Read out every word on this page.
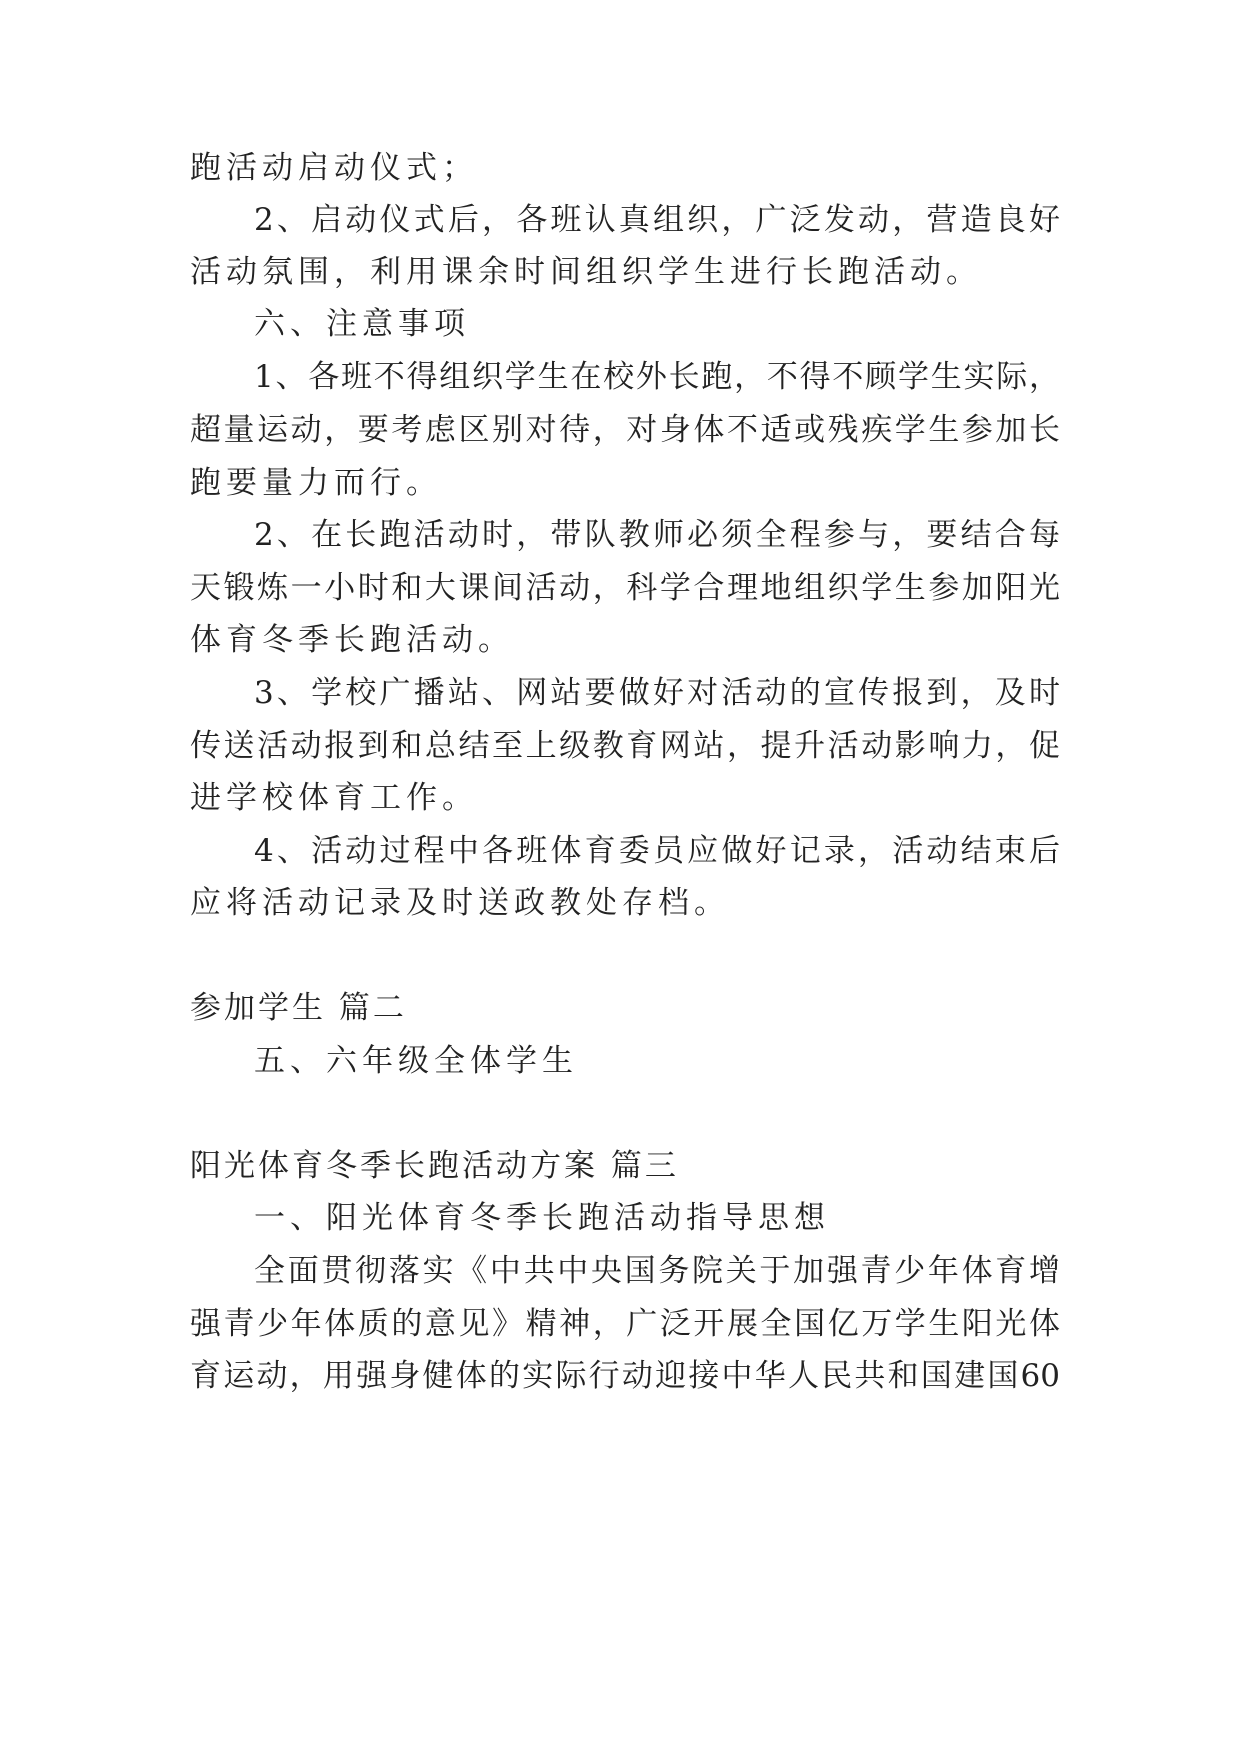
跑活动启动仪式；
2、启动仪式后，各班认真组织，广泛发动，营造良好
活动氛围，利用课余时间组织学生进行长跑活动。
六、注意事项
1、各班不得组织学生在校外长跑，不得不顾学生实际，
超量运动，要考虑区别对待，对身体不适或残疾学生参加长
跑要量力而行。
2、在长跑活动时，带队教师必须全程参与，要结合每
天锻炼一小时和大课间活动，科学合理地组织学生参加阳光
体育冬季长跑活动。
3、学校广播站、网站要做好对活动的宣传报到，及时
传送活动报到和总结至上级教育网站，提升活动影响力，促
进学校体育工作。
4、活动过程中各班体育委员应做好记录，活动结束后
应将活动记录及时送政教处存档。
参加学生 篇二
五、六年级全体学生
阳光体育冬季长跑活动方案 篇三
一、阳光体育冬季长跑活动指导思想
全面贯彻落实《中共中央国务院关于加强青少年体育增
强青少年体质的意见》精神，广泛开展全国亿万学生阳光体
育运动，用强身健体的实际行动迎接中华人民共和国建国60
